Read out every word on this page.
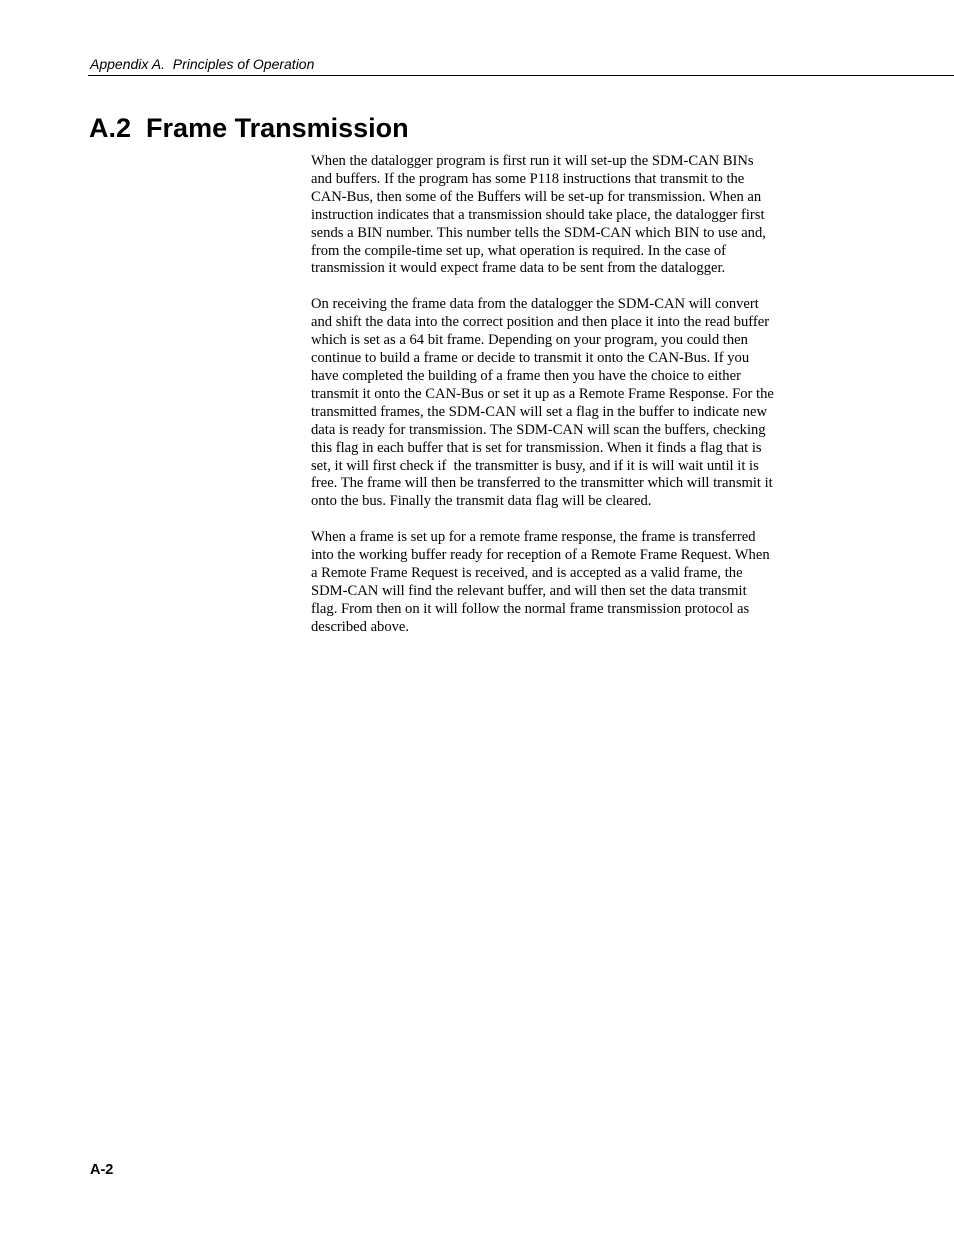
Appendix A.  Principles of Operation
A.2 Frame Transmission

When the datalogger program is first run it will set-up the SDM-CAN BINs
and buffers. If the program has some P118 instructions that transmit to the
CAN-Bus, then some of the Buffers will be set-up for transmission. When an
instruction indicates that a transmission should take place, the datalogger first
sends a BIN number. This number tells the SDM-CAN which BIN to use and,
from the compile-time set up, what operation is required. In the case of
transmission it would expect frame data to be sent from the datalogger.

On receiving the frame data from the datalogger the SDM-CAN will convert
and shift the data into the correct position and then place it into the read buffer
which is set as a 64 bit frame. Depending on your program, you could then
continue to build a frame or decide to transmit it onto the CAN-Bus. If you
have completed the building of a frame then you have the choice to either
transmit it onto the CAN-Bus or set it up as a Remote Frame Response. For the
transmitted frames, the SDM-CAN will set a flag in the buffer to indicate new
data is ready for transmission. The SDM-CAN will scan the buffers, checking
this flag in each buffer that is set for transmission. When it finds a flag that is
set, it will first check if  the transmitter is busy, and if it is will wait until it is
free. The frame will then be transferred to the transmitter which will transmit it
onto the bus. Finally the transmit data flag will be cleared.

When a frame is set up for a remote frame response, the frame is transferred
into the working buffer ready for reception of a Remote Frame Request. When
a Remote Frame Request is received, and is accepted as a valid frame, the
SDM-CAN will find the relevant buffer, and will then set the data transmit
flag. From then on it will follow the normal frame transmission protocol as
described above.

A-2
